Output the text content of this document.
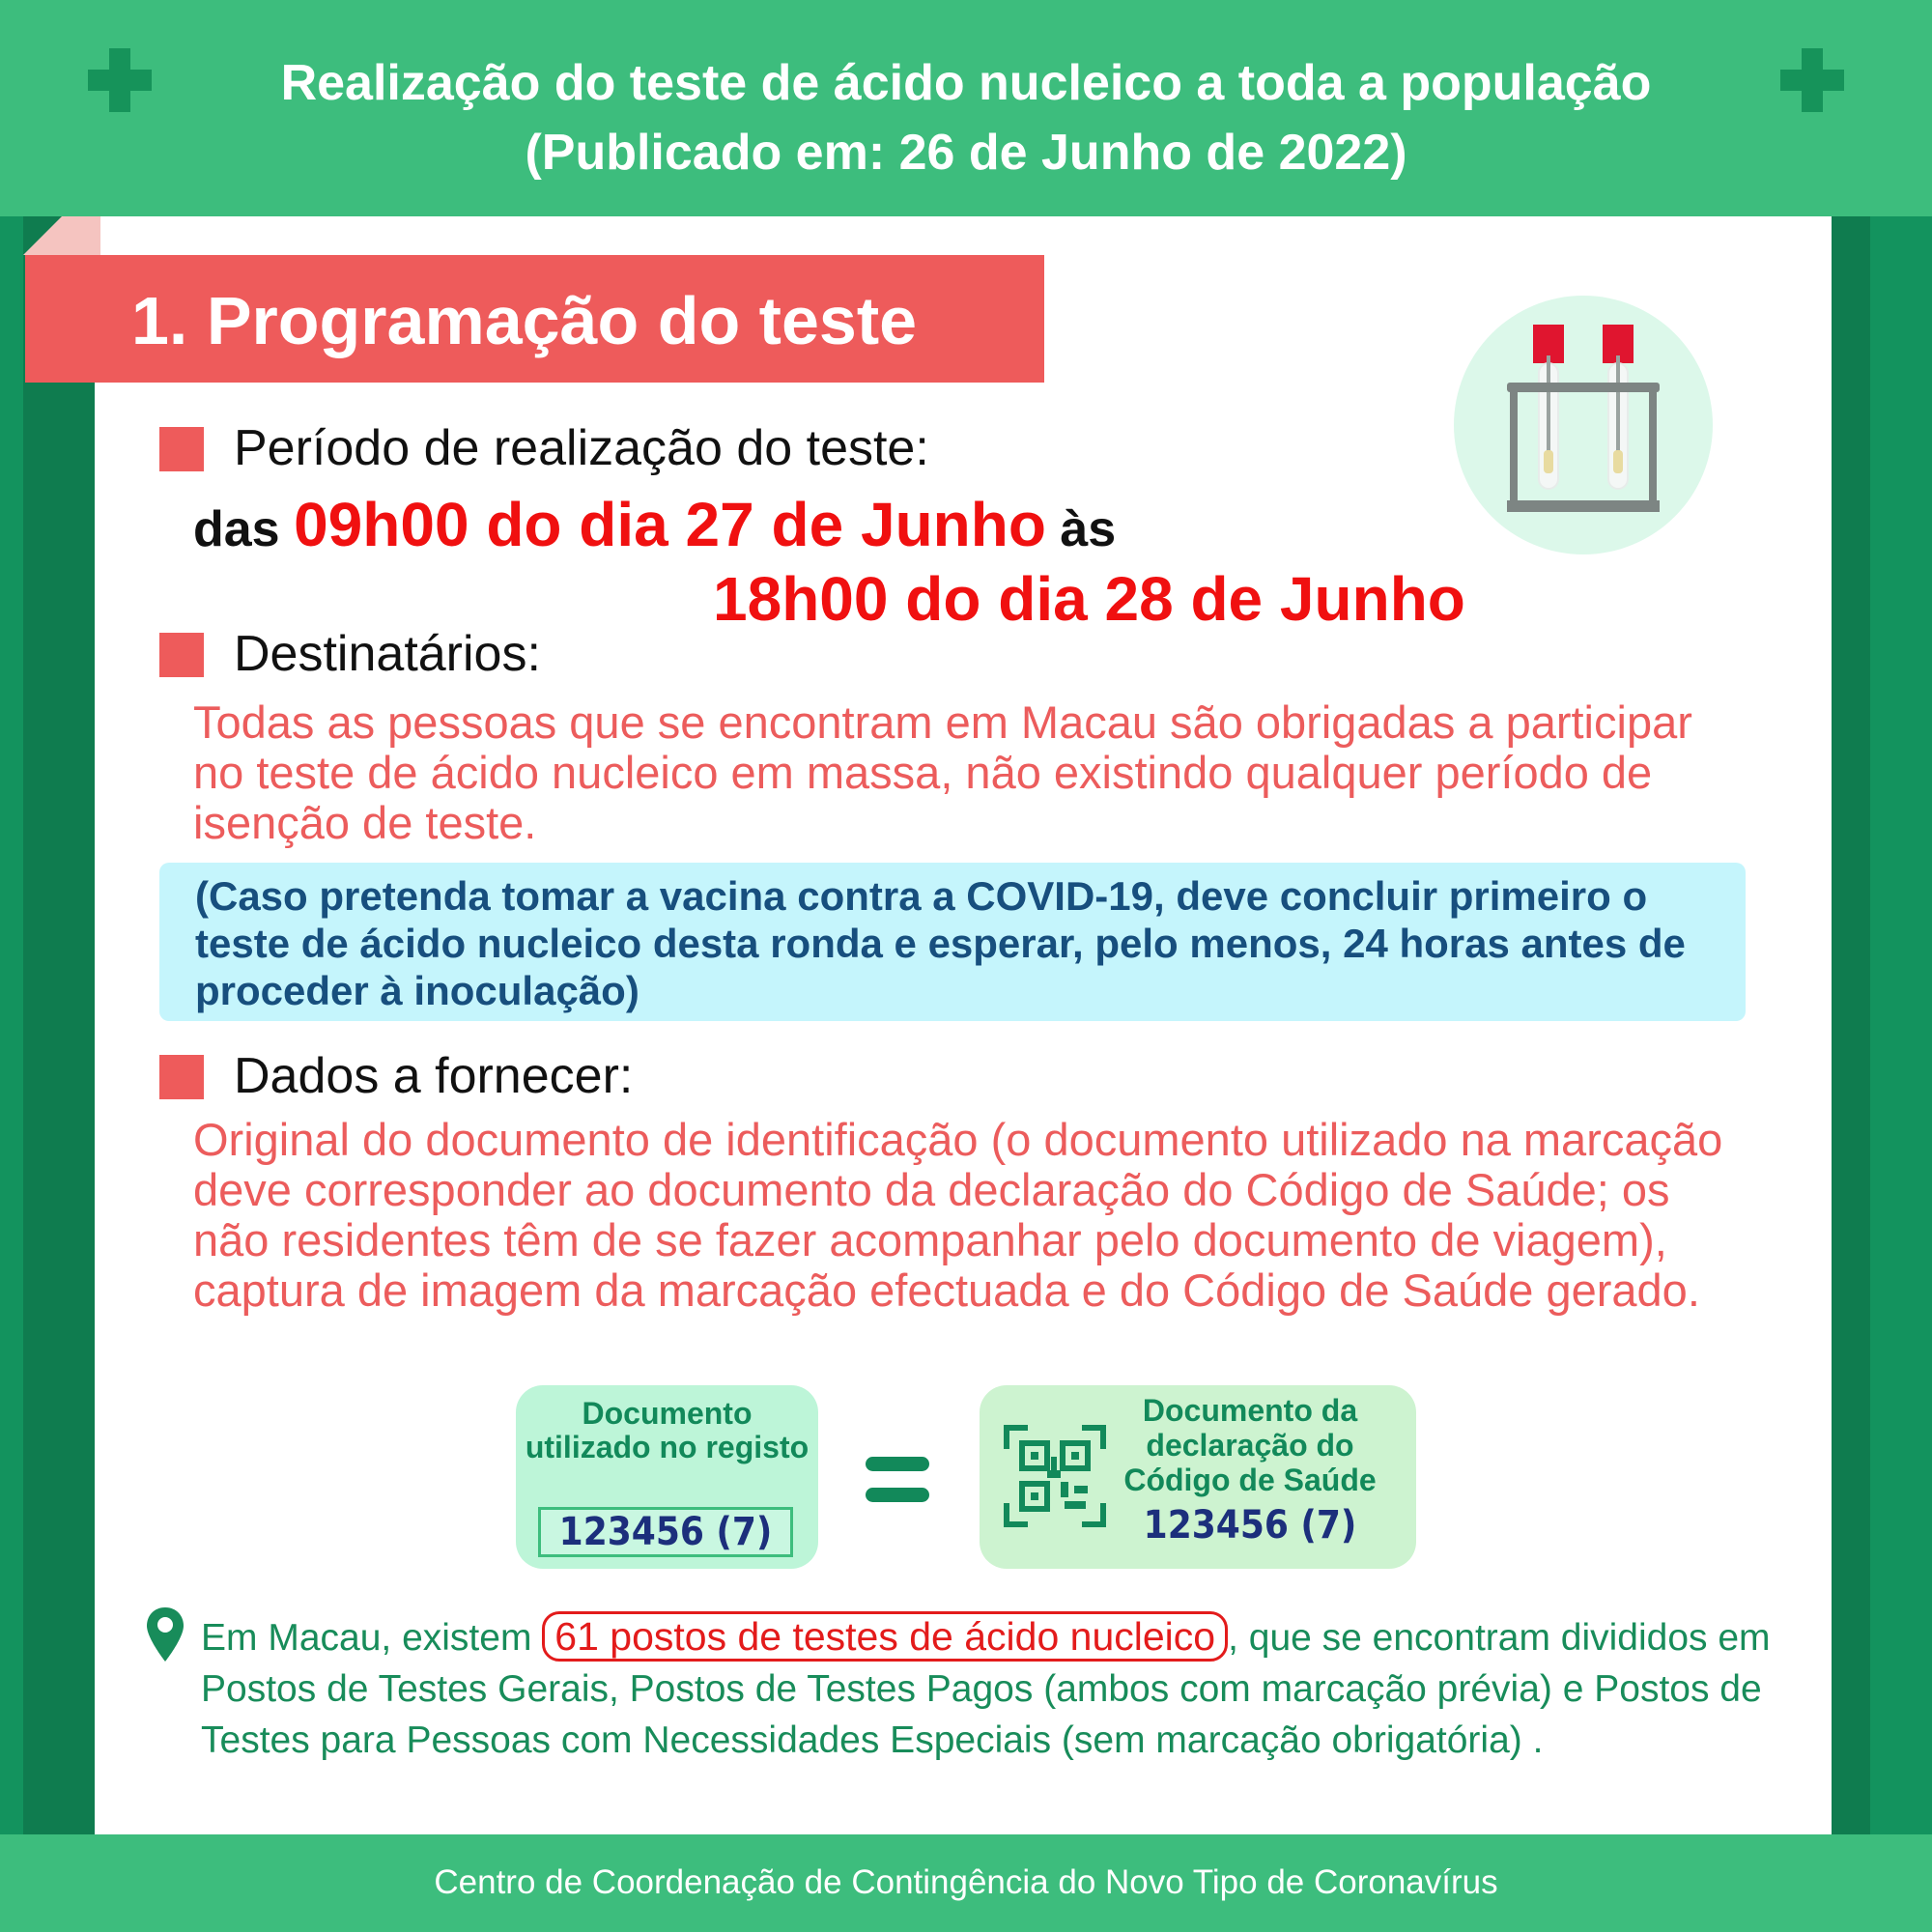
Realização do teste de ácido nucleico a toda a população
(Publicado em: 26 de Junho de 2022)
1. Programação do teste
Período de realização do teste:
das 09h00 do dia 27 de Junho às
18h00 do dia 28 de Junho
Destinatários:
Todas as pessoas que se encontram em Macau são obrigadas a participar no teste de ácido nucleico em massa, não existindo qualquer período de isenção de teste.
(Caso pretenda tomar a vacina contra a COVID-19, deve concluir primeiro o teste de ácido nucleico desta ronda e esperar, pelo menos, 24 horas antes de proceder à inoculação)
Dados a fornecer:
Original do documento de identificação (o documento utilizado na marcação deve corresponder ao documento da declaração do Código de Saúde; os não residentes têm de se fazer acompanhar pelo documento de viagem), captura de imagem da marcação efectuada e do Código de Saúde gerado.
Documento utilizado no registo
123456 (7)
Documento da declaração do Código de Saúde
123456 (7)
Em Macau, existem 61 postos de testes de ácido nucleico , que se encontram divididos em Postos de Testes Gerais, Postos de Testes Pagos (ambos com marcação prévia) e Postos de Testes para Pessoas com Necessidades Especiais (sem marcação obrigatória) .
Centro de Coordenação de Contingência do Novo Tipo de Coronavírus
